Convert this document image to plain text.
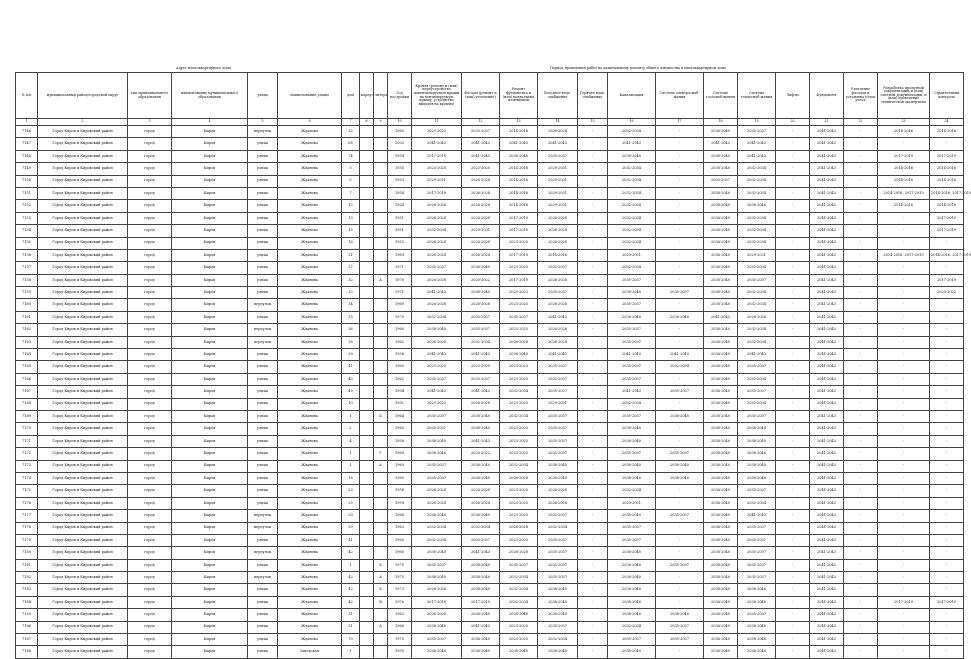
Адрес многоквартирного дома	Период проведения работ по капитальному ремонту общего имущества в многоквартирном доме
№ п/п	муниципальный район/городской округ	тип муниципального образования	наименование муниципального образования	улица	наименование улицы	дом	корпус	литера	Год постройки	Кровля (ремонт и (или) переустройство невентилируемой крыши на вентилируемую крышу, устройство выходов на кровлю)	Фасады (ремонт и (или) утепление)	Ремонт фундамента и (или) подвальных помещений	Холодное водо-снабжение	Горячее водо-снабжение	Канализация	Система электроснаб-жения	Система газоснаб-жения	Система теплоснаб-жения	Лифты	Фундамент	Утепление фасадов и установка узлов учета	Разработка проектной документации и (или) сметной документации, и (или) проведение технической экспертизы	Строительный контроль
1	2	3	4	5	6	7	8	9	10	11	12	13	14	15	16	17	18	19	20	21	22	23	24
7146	Город Киров и Кировский район	город	Киров	переулок	Жданова	32			1960	2023-2025	2035-2037	2014-2016	2026-2028	-	2032-2034	-	2038-2040	2035-2037	-	2041-2043	-	2014-2016	2014-2016
7147	Город Киров и Кировский район	город	Киров	улица	Жданова	68			2003	2041-2043	2041-2043	2041-2043	2041-2043	-	2041-2043	-	2041-2043	2041-2043	-	2041-2043	-	-	-
7148	Город Киров и Кировский район	город	Киров	улица	Жданова	74			1954	2017-2019	2041-2043	2038-2040	2035-2037	-	2038-2040	-	2038-2040	2041-2043	-	2041-2043	-	2017-2019	2017-2019
7149	Город Киров и Кировский район	город	Киров	улица	Жданова	3			1955	2023-2025	2023-2025	2014-2016	2029-2031	-	2032-2034	-	2038-2040	2032-2034	-	2041-2043	-	2014-2016	2014-2016
7150	Город Киров и Кировский район	город	Киров	улица	Жданова	5			1953	2029-2031	2026-2028	2014-2016	2029-2031	-	2032-2034	-	2035-2037	2032-2034	-	2041-2043	-	2014-2016	2014-2016
7151	Город Киров и Кировский район	город	Киров	улица	Жданова	7			1954	2017-2019	2026-2028	2014-2016	2029-2031	-	2032-2034	-	2038-2040	2032-2034	-	2041-2043	-	2014-2016, 2017-2019	2014-2016, 2017-2019
7152	Город Киров и Кировский район	город	Киров	улица	Жданова	12			1954	2026-2028	2026-2028	2014-2016	2029-2031	-	2032-2034	-	2038-2040	2038-2040	-	2041-2043	-	2014-2016	2014-2016
7153	Город Киров и Кировский район	город	Киров	улица	Жданова	13			1951	2026-2028	2026-2028	2017-2019	2026-2028	-	2032-2034	-	2038-2040	2032-2034	-	2041-2043	-	-	2017-2019
7154	Город Киров и Кировский район	город	Киров	улица	Жданова	15			1951	2032-2034	2029-2031	2017-2019	2026-2028	-	2032-2034	-	2038-2040	2032-2034	-	2041-2043	-	-	2017-2019
7155	Город Киров и Кировский район	город	Киров	улица	Жданова	16			1955	2026-2028	2026-2028	2023-2025	2026-2028	-	2032-2034	-	2038-2040	2032-2034	-	2041-2043	-	-	-
7156	Город Киров и Кировский район	город	Киров	улица	Жданова	21			1969	2026-2028	2026-2028	2017-2019	2014-2016	-	2029-2031	-	2038-2040	2029-2031	-	2041-2043	-	2014-2016, 2017-2019	2014-2016, 2017-2019
7157	Город Киров и Кировский район	город	Киров	улица	Жданова	27			1971	2035-2037	2038-2040	2023-2025	2035-2037	-	2032-2034	-	2038-2040	2032-2034	-	2041-2043	-	-	-
7158	Город Киров и Кировский район	город	Киров	улица	Жданова	32		А	1970	2026-2028	2020-2022	2017-2019	2026-2028	-	2035-2037	-	2038-2040	2035-2037	-	2041-2043	-	-	2017-2019
7159	Город Киров и Кировский район	город	Киров	улица	Жданова	33			1971	2041-2043	2038-2040	2020-2022	2035-2037	-	2038-2040	2035-2037	2038-2040	2032-2034	-	2041-2043	-	-	2020-2022
7160	Город Киров и Кировский район	город	Киров	переулок	Жданова	34			1969	2026-2028	2026-2028	2023-2025	2026-2028	-	2035-2037	-	2038-2040	2032-2034	-	2041-2043	-	-	-
7161	Город Киров и Кировский район	город	Киров	улица	Жданова	35			1970	2032-2034	2035-2037	2035-2037	2041-2043	-	2038-2040	2038-2040	2041-2043	2026-2028	-	2041-2043	-	-	-
7162	Город Киров и Кировский район	город	Киров	переулок	Жданова	36			1960	2038-2040	2035-2037	2023-2025	2026-2028	-	2035-2037	-	2038-2040	2032-2034	-	2041-2043	-	-	-
7163	Город Киров и Кировский район	город	Киров	переулок	Жданова	38			1962	2026-2028	2032-2034	2026-2028	2026-2028	-	2035-2037	-	2038-2040	2032-2034	-	2041-2043	-	-	-
7164	Город Киров и Кировский район	город	Киров	улица	Жданова	39			1958	2041-2043	2041-2043	2038-2040	2041-2043	-	2041-2043	2041-2043	2038-2040	2041-2043	-	2041-2043	-	-	-
7165	Город Киров и Кировский район	город	Киров	улица	Жданова	41			1960	2023-2025	2023-2025	2023-2025	2035-2037	-	2035-2037	2032-2034	2038-2040	2035-2037	-	2041-2043	-	-	-
7166	Город Киров и Кировский район	город	Киров	улица	Жданова	43			1962	2035-2037	2035-2037	2023-2025	2035-2037	-	2035-2037	-	2038-2040	2032-2034	-	2041-2043	-	-	-
7167	Город Киров и Кировский район	город	Киров	улица	Жданова	49			1994	2041-2043	2041-2043	2032-2034	2035-2037	-	2041-2043	2035-2037	2038-2040	2035-2037	-	2041-2043	-	-	-
7168	Город Киров и Кировский район	город	Киров	улица	Жданова	10			1951	2023-2025	2026-2028	2023-2025	2029-2031	-	2032-2034	-	2038-2040	2032-2034	-	2041-2043	-	-	-
7169	Город Киров и Кировский район	город	Киров	улица	Жданова	1		Б	1964	2035-2037	2038-2040	2032-2034	2035-2037	-	2035-2037	2038-2040	2038-2040	2035-2037	-	2041-2043	-	-	-
7170	Город Киров и Кировский район	город	Киров	улица	Жданова	2			1965	2035-2037	2038-2040	2023-2025	2035-2037	-	2038-2040	-	2038-2040	2038-2040	-	2041-2043	-	-	-
7171	Город Киров и Кировский район	город	Киров	улица	Жданова	4			1958	2038-2040	2041-2043	2023-2025	2035-2037	-	2038-2040	-	2038-2040	2038-2040	-	2041-2043	-	-	-
7172	Город Киров и Кировский район	город	Киров	улица	Жданова	1		Г	1969	2038-2040	2020-2022	2023-2025	2035-2037	-	2035-2037	2035-2037	2038-2040	2038-2040	-	2041-2043	-	-	-
7173	Город Киров и Кировский район	город	Киров	улица	Жданова	1		А	1969	2035-2037	2038-2040	2032-2034	2038-2040	-	2038-2040	2038-2040	2038-2040	2038-2040	-	2041-2043	-	-	-
7174	Город Киров и Кировский район	город	Киров	улица	Жданова	18			1985	2035-2037	2038-2040	2026-2028	2038-2040	-	2038-2040	2038-2040	2038-2040	2038-2040	-	2041-2043	-	-	-
7175	Город Киров и Кировский район	город	Киров	улица	Жданова	23			1956	2026-2028	2026-2028	2023-2025	2026-2028	-	2032-2034	-	2038-2040	2035-2037	-	2041-2043	-	-	-
7176	Город Киров и Кировский район	город	Киров	улица	Жданова	25			1959	2026-2028	2026-2028	2023-2025	2026-2028	-	2029-2031	-	2038-2040	2032-2034	-	2041-2043	-	-	-
7177	Город Киров и Кировский район	город	Киров	переулок	Жданова	29			1968	2038-2040	2038-2040	2023-2025	2035-2037	-	2038-2040	2035-2037	2038-2040	2041-2043	-	2041-2043	-	-	-
7178	Город Киров и Кировский район	город	Киров	переулок	Жданова	30			1963	2032-2034	2032-2034	2026-2028	2032-2034	-	2035-2037	-	2038-2040	2035-2037	-	2041-2043	-	-	-
7179	Город Киров и Кировский район	город	Киров	улица	Жданова	41			1960	2032-2034	2035-2037	2023-2025	2035-2037	-	2035-2037	-	2038-2040	2035-2037	-	2041-2043	-	-	-
7180	Город Киров и Кировский район	город	Киров	переулок	Жданова	42			1960	2038-2040	2041-2043	2026-2028	2035-2037	-	2038-2040	-	2038-2040	2035-2037	-	2041-2043	-	-	-
7181	Город Киров и Кировский район	город	Киров	улица	Жданова	1		Б	1975	2035-2037	2038-2040	2035-2037	2035-2037	-	2038-2040	2035-2037	2038-2040	2035-2037	-	2041-2043	-	-	-
7182	Город Киров и Кировский район	город	Киров	переулок	Жданова	42		А	1975	2038-2040	2038-2040	2032-2034	2035-2037	-	2038-2040	-	2038-2040	2035-2037	-	2041-2043	-	-	-
7183	Город Киров и Кировский район	город	Киров	улица	Жданова	42		Б	1973	2026-2028	2038-2040	2032-2034	2038-2040	-	2038-2040	-	2038-2040	2038-2040	-	2041-2043	-	-	-
7184	Город Киров и Кировский район	город	Киров	улица	Жданова	42		В	1970	2017-2019	2017-2019	2032-2034	2038-2040	-	2038-2040	-	2038-2040	2038-2040	-	2041-2043	-	2017-2019	2017-2019
7185	Город Киров и Кировский район	город	Киров	улица	Жданова	31			1963	2026-2028	2038-2040	2038-2040	2038-2040	-	2038-2040	2038-2040	2038-2040	2035-2037	-	2041-2043	-	-	-
7186	Город Киров и Кировский район	город	Киров	улица	Жданова	31		А	1966	2038-2040	2041-2043	2023-2025	2035-2037	-	2032-2034	2035-2037	2038-2040	2038-2040	-	2041-2043	-	-	-
7187	Город Киров и Кировский район	город	Киров	улица	Жданова	70			1975	2035-2037	2038-2040	2023-2025	2032-2034	-	2035-2037	2035-2037	2038-2040	2038-2040	-	2041-2043	-	-	-
7188	Город Киров и Кировский район	город	Киров	улица	Заводская	1			1959	2038-2040	2038-2040	2038-2040	2038-2040	-	2038-2040	-	2038-2040	2038-2040	-	2041-2043	-	-	-
